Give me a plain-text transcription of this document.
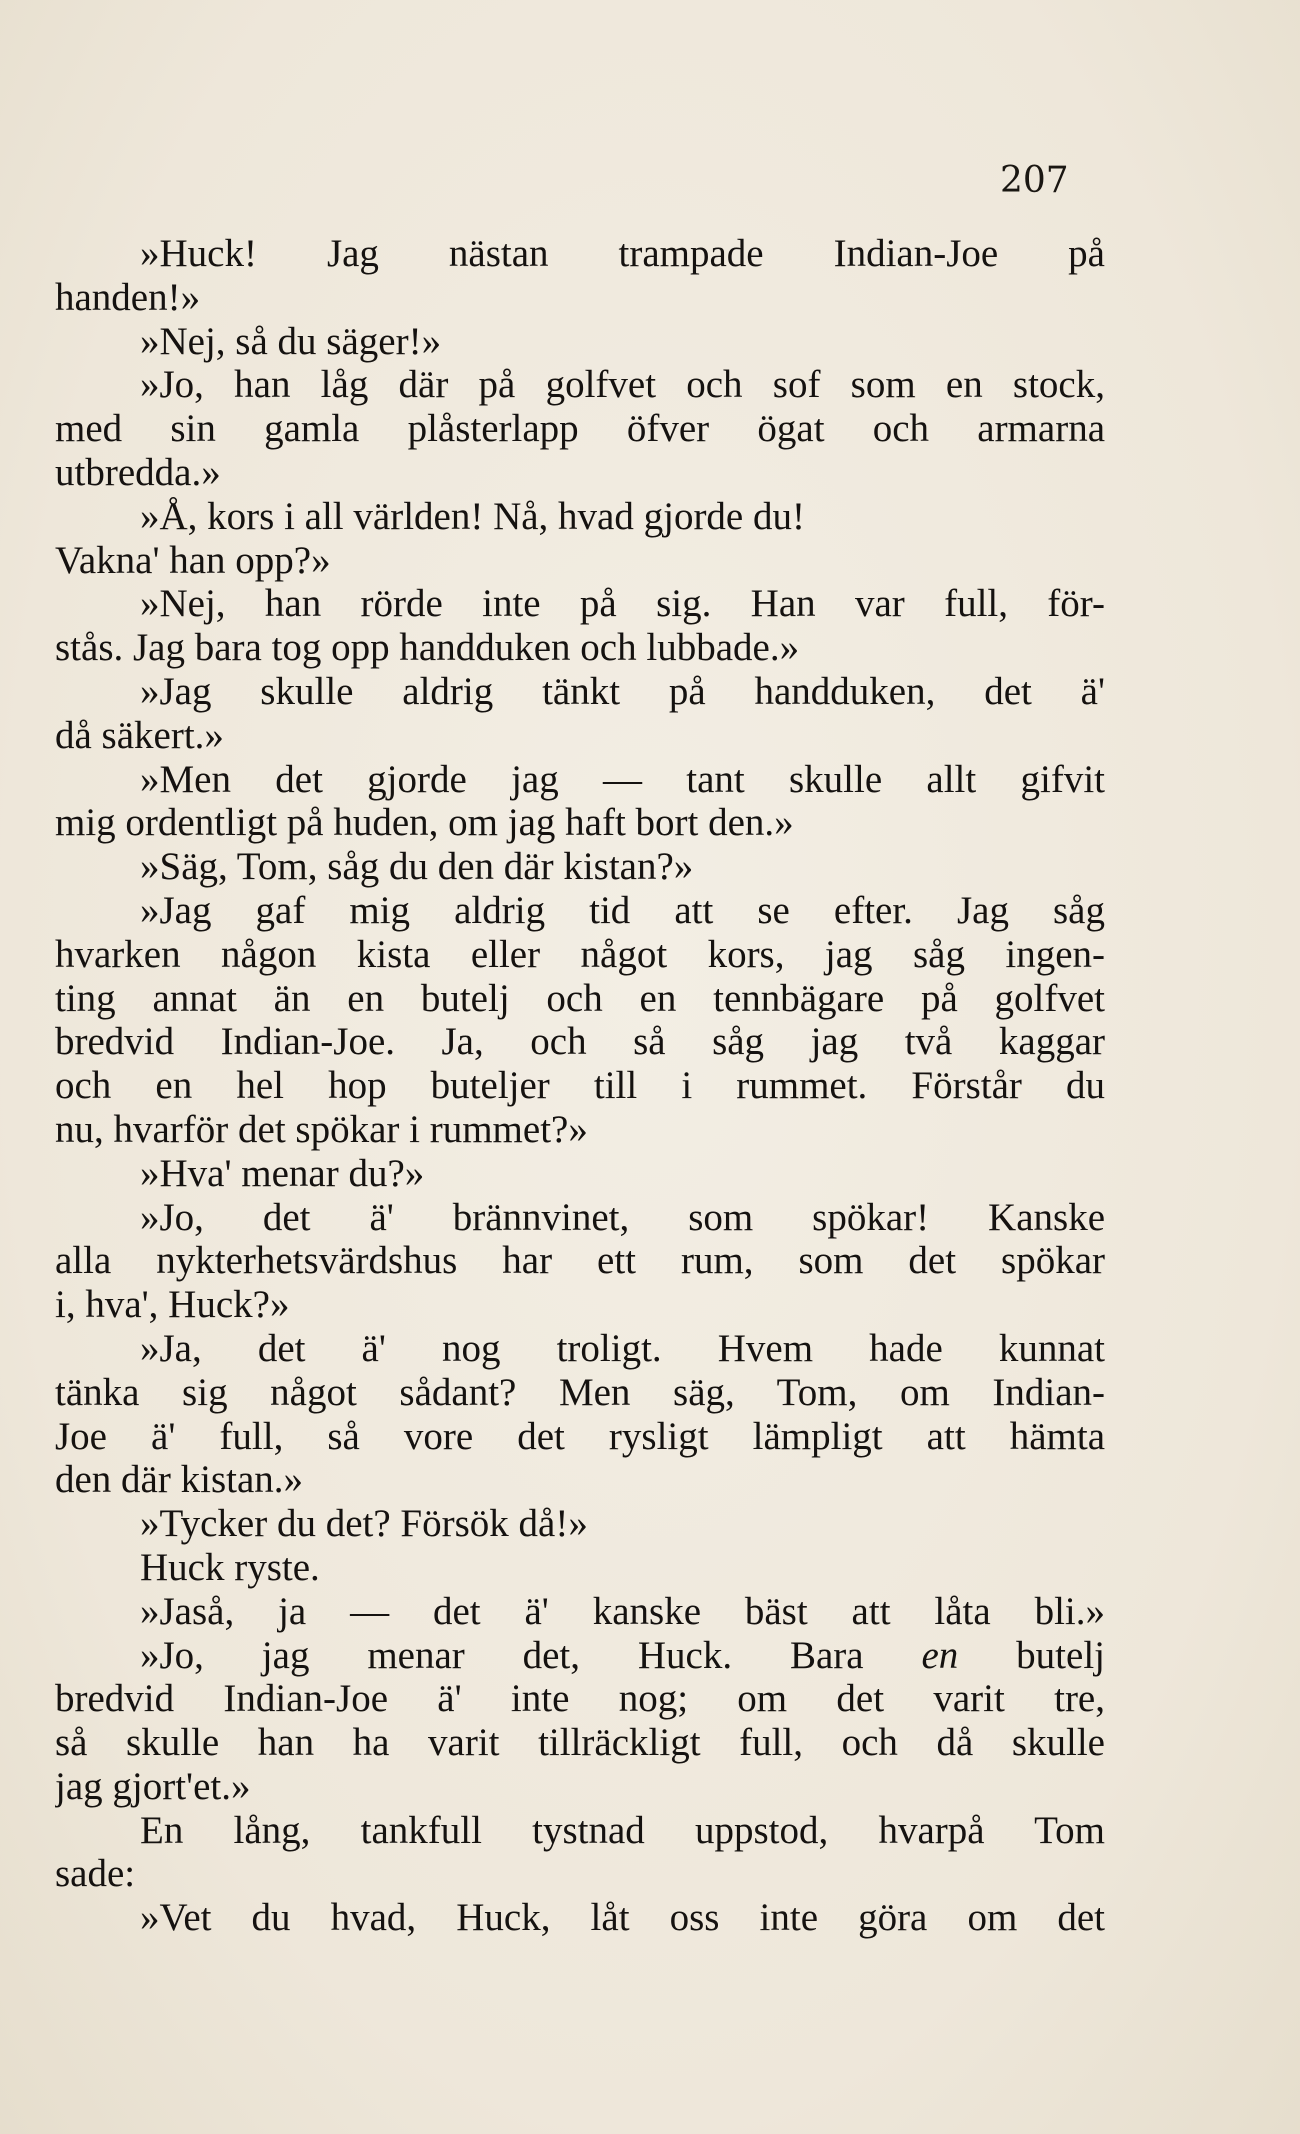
207
»Huck! Jag nästan trampade Indian-Joe på
handen!»
»Nej, så du säger!»
»Jo, han låg där på golfvet och sof som en stock,
med sin gamla plåsterlapp öfver ögat och armarna
utbredda.»
»Å, kors i all världen! Nå, hvad gjorde du!
Vakna' han opp?»
»Nej, han rörde inte på sig. Han var full, för-
stås. Jag bara tog opp handduken och lubbade.»
»Jag skulle aldrig tänkt på handduken, det ä'
då säkert.»
»Men det gjorde jag — tant skulle allt gifvit
mig ordentligt på huden, om jag haft bort den.»
»Säg, Tom, såg du den där kistan?»
»Jag gaf mig aldrig tid att se efter. Jag såg
hvarken någon kista eller något kors, jag såg ingen-
ting annat än en butelj och en tennbägare på golfvet
bredvid Indian-Joe. Ja, och så såg jag två kaggar
och en hel hop buteljer till i rummet. Förstår du
nu, hvarför det spökar i rummet?»
»Hva' menar du?»
»Jo, det ä' brännvinet, som spökar! Kanske
alla nykterhetsvärdshus har ett rum, som det spökar
i, hva', Huck?»
»Ja, det ä' nog troligt. Hvem hade kunnat
tänka sig något sådant? Men säg, Tom, om Indian-
Joe ä' full, så vore det rysligt lämpligt att hämta
den där kistan.»
»Tycker du det? Försök då!»
Huck ryste.
»Jaså, ja — det ä' kanske bäst att låta bli.»
»Jo, jag menar det, Huck. Bara en butelj
bredvid Indian-Joe ä' inte nog; om det varit tre,
så skulle han ha varit tillräckligt full, och då skulle
jag gjort'et.»
En lång, tankfull tystnad uppstod, hvarpå Tom
sade:
»Vet du hvad, Huck, låt oss inte göra om det
